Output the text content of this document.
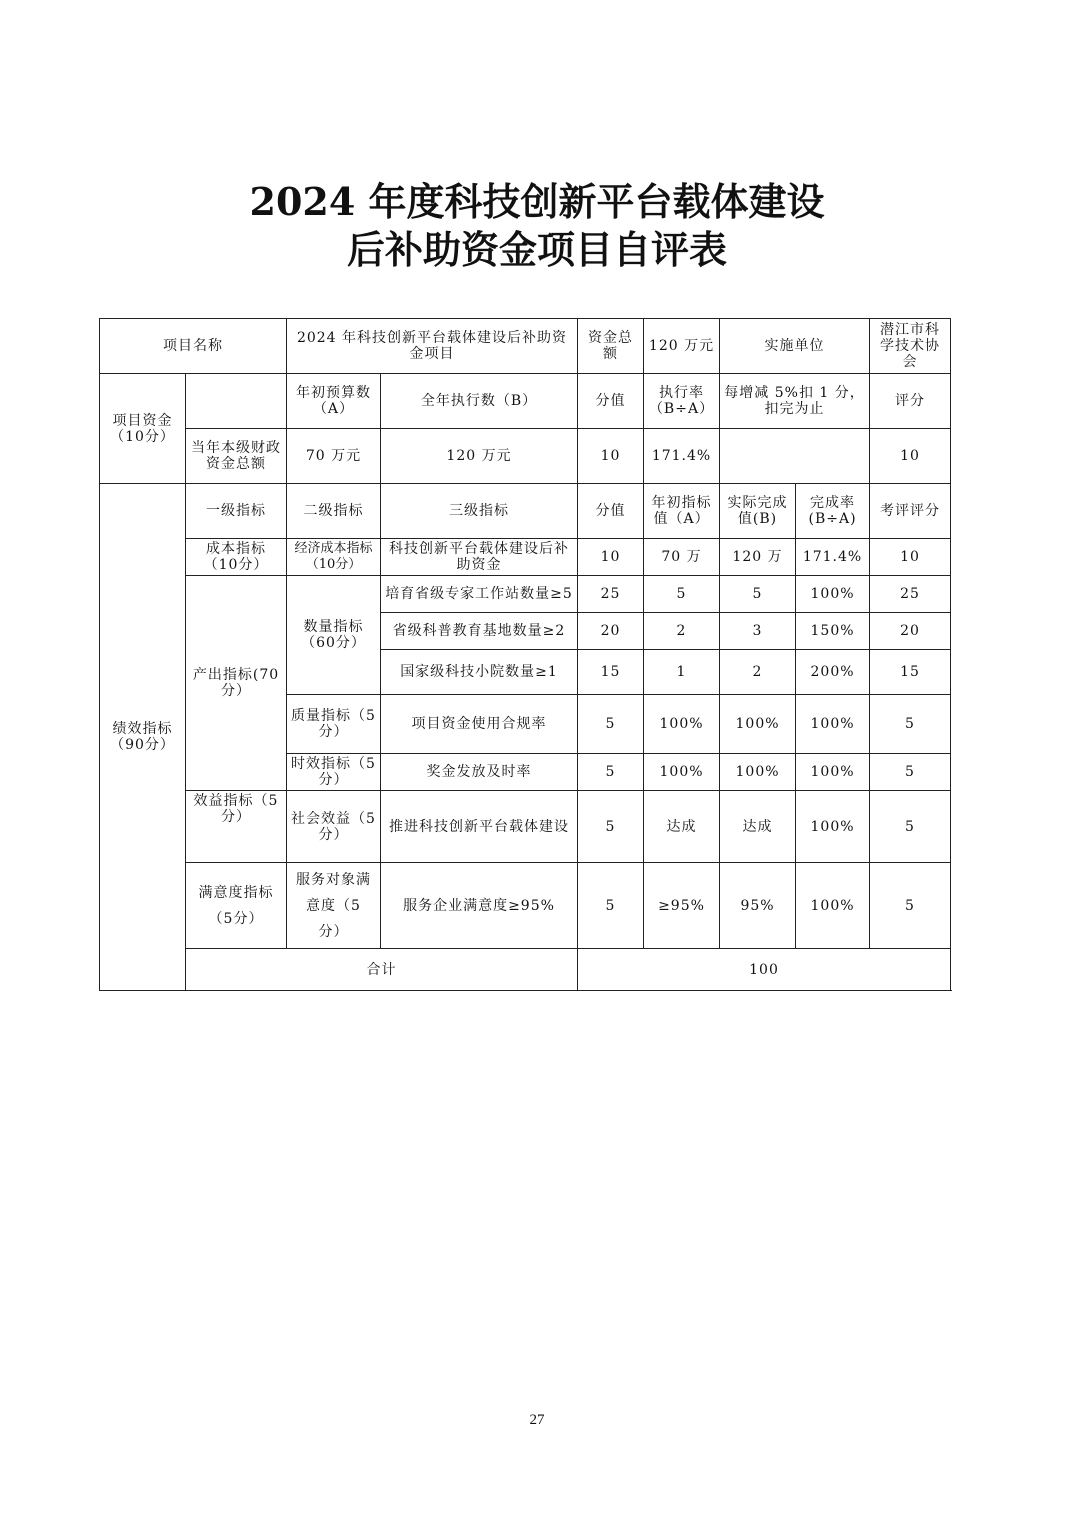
2024 年度科技创新平台载体建设
后补助资金项目自评表
项目名称		2024 年科技创新平台载体建设后补助资金项目		资金总额	120 万元	实施单位		潜江市科学技术协会
项目资金（10分）		年初预算数（A）	全年执行数（B）	分值	执行率（B÷A）	每增减 5%扣 1 分，扣完为止		评分
	当年本级财政资金总额	70 万元	120 万元	10	171.4%			10
绩效指标（90分）	一级指标	二级指标	三级指标	分值	年初指标值（A）	实际完成 值(B)	完成率(B÷A)	考评评分
	成本指标（10分）	经济成本指标（10分）	科技创新平台载体建设后补助资金	10	70 万	120 万	171.4%	10
	产出指标(70 分）	数量指标（60分）	培育省级专家工作站数量≥5	25	5	5	100%	25
			省级科普教育基地数量≥2	20	2	3	150%	20
			国家级科技小院数量≥1	15	1	2	200%	15
		质量指标（5分）	项目资金使用合规率	5	100%	100%	100%	5
		时效指标（5分）	奖金发放及时率	5	100%	100%	100%	5
	效益指标（5分）	社会效益（5分）	推进科技创新平台载体建设	5	达成	达成	100%	5
	满意度指标（5分）	服务对象满意度（5分）	服务企业满意度≥95%	5	≥95%	95%	100%	5
	合计			100				
27
